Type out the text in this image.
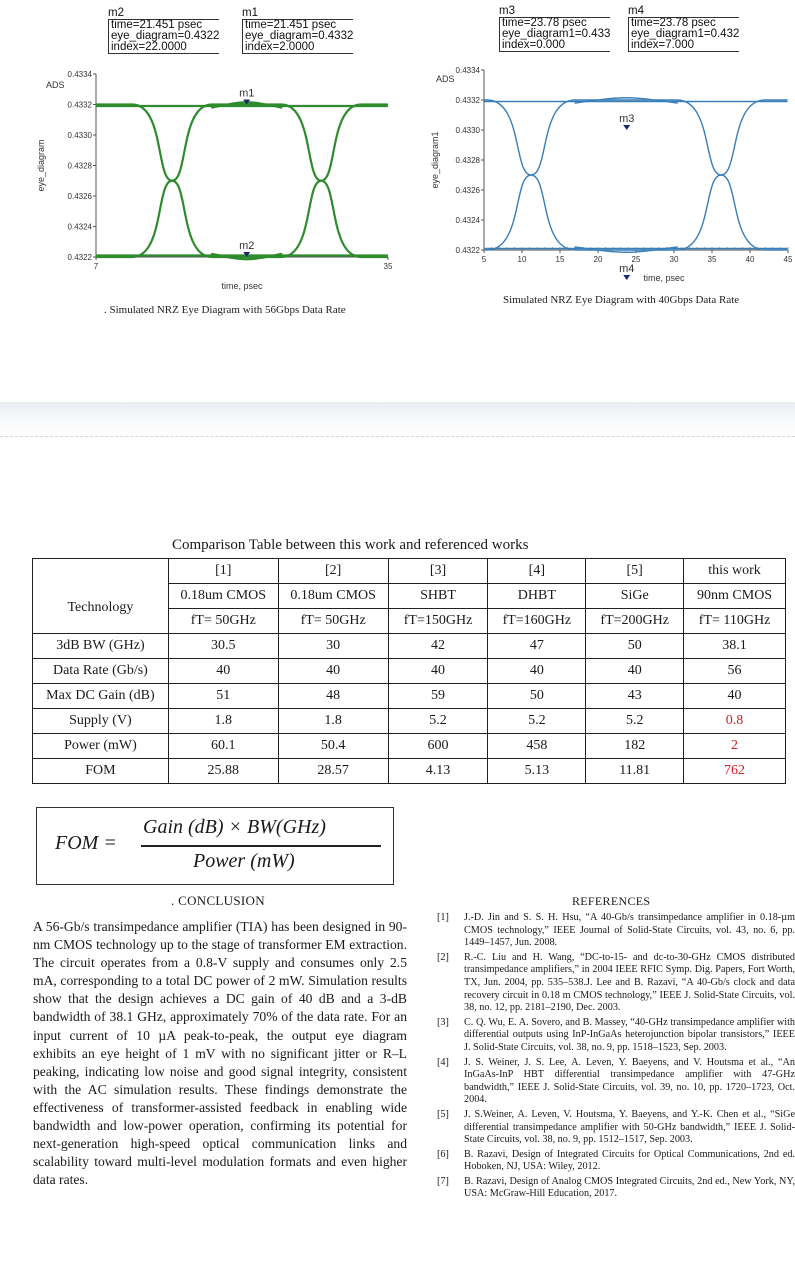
m2
time=21.451 psec
eye_diagram=0.4322
index=22.0000
m1
time=21.451 psec
eye_diagram=0.4332
index=2.0000
0.4334
0.4332
0.4330
0.4328
0.4326
0.4324
0.4322
7	35
ADS
eye_diagram
time, psec
m1
m2
. Simulated NRZ Eye Diagram with 56Gbps Data Rate
m3
time=23.78 psec
eye_diagram1=0.433
index=0.000
m4
time=23.78 psec
eye_diagram1=0.432
index=7.000
0.4334
0.4332
0.4330
0.4328
0.4326
0.4324
0.4322
5	10	15	20	25	30	35	40	45
ADS
eye_diagram1
time, psec
m3
m4
Simulated NRZ Eye Diagram with 40Gbps Data Rate
Comparison Table between this work and referenced works
	[1]	[2]	[3]	[4]	[5]	this work
Technology	0.18um CMOS	0.18um CMOS	SHBT	DHBT	SiGe	90nm CMOS
	fT= 50GHz	fT= 50GHz	fT=150GHz	fT=160GHz	fT=200GHz	fT= 110GHz
3dB BW (GHz)	30.5	30	42	47	50	38.1
Data Rate (Gb/s)	40	40	40	40	40	56
Max DC Gain (dB)	51	48	59	50	43	40
Supply (V)	1.8	1.8	5.2	5.2	5.2	0.8
Power (mW)	60.1	50.4	600	458	182	2
FOM	25.88	28.57	4.13	5.13	11.81	762
FOM =
Gain (dB) × BW(GHz)
Power (mW)
. CONCLUSION

A 56-Gb/s transimpedance amplifier (TIA) has been designed in 90-nm CMOS technology up to the stage of transformer EM extraction. The circuit operates from a 0.8-V supply and consumes only 2.5 mA, corresponding to a total DC power of 2 mW. Simulation results show that the design achieves a DC gain of 40 dB and a 3-dB bandwidth of 38.1 GHz, approximately 70% of the data rate. For an input current of 10 µA peak-to-peak, the output eye diagram exhibits an eye height of 1 mV with no significant jitter or R–L peaking, indicating low noise and good signal integrity, consistent with the AC simulation results. These findings demonstrate the effectiveness of transformer-assisted feedback in enabling wide bandwidth and low-power operation, confirming its potential for next-generation high-speed optical communication links and scalability toward multi-level modulation formats and even higher data rates.

REFERENCES
[1] J.-D. Jin and S. S. H. Hsu, “A 40-Gb/s transimpedance amplifier in 0.18-µm CMOS technology,” IEEE Journal of Solid-State Circuits, vol. 43, no. 6, pp. 1449–1457, Jun. 2008.
[2] R.-C. Liu and H. Wang, “DC-to-15- and dc-to-30-GHz CMOS distributed transimpedance amplifiers,” in 2004 IEEE RFIC Symp. Dig. Papers, Fort Worth, TX, Jun. 2004, pp. 535–538.J. Lee and B. Razavi, “A 40-Gb/s clock and data recovery circuit in 0.18 m CMOS technology,” IEEE J. Solid-State Circuits, vol. 38, no. 12, pp. 2181–2190, Dec. 2003.
[3] C. Q. Wu, E. A. Sovero, and B. Massey, “40-GHz transimpedance amplifier with differential outputs using InP-InGaAs heterojunction bipolar transistors,” IEEE J. Solid-State Circuits, vol. 38, no. 9, pp. 1518–1523, Sep. 2003.
[4] J. S. Weiner, J. S. Lee, A. Leven, Y. Baeyens, and V. Houtsma et al., “An InGaAs-InP HBT differential transimpedance amplifier with 47-GHz bandwidth,” IEEE J. Solid-State Circuits, vol. 39, no. 10, pp. 1720–1723, Oct. 2004.
[5] J. S.Weiner, A. Leven, V. Houtsma, Y. Baeyens, and Y.-K. Chen et al., “SiGe differential transimpedance amplifier with 50-GHz bandwidth,” IEEE J. Solid-State Circuits, vol. 38, no. 9, pp. 1512–1517, Sep. 2003.
[6] B. Razavi, Design of Integrated Circuits for Optical Communications, 2nd ed. Hoboken, NJ, USA: Wiley, 2012.
[7] B. Razavi, Design of Analog CMOS Integrated Circuits, 2nd ed., New York, NY, USA: McGraw-Hill Education, 2017.
